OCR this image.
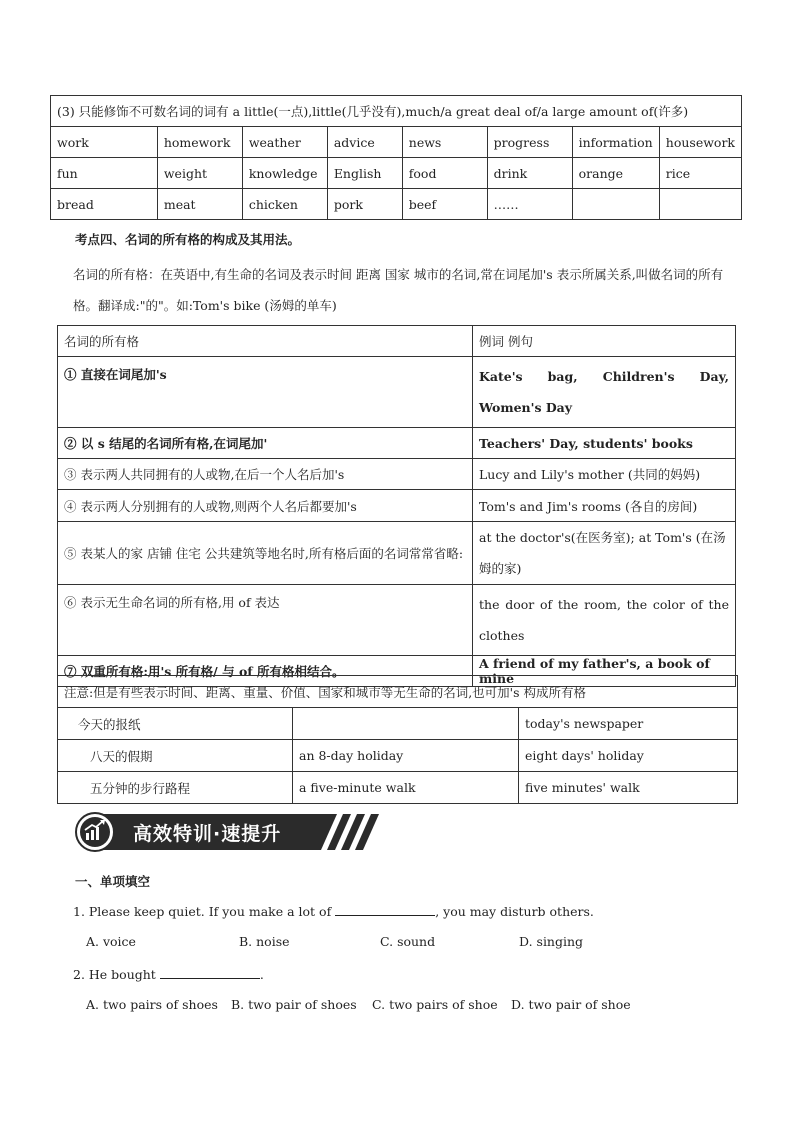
(3) 只能修饰不可数名词的词有 a little(一点),little(几乎没有),much/a great deal of/a large amount of(许多)							
work	homework	weather	advice	news	progress	information	housework
fun	weight	knowledge	English	food	drink	orange	rice
bread	meat	chicken	pork	beef	……		
考点四、名词的所有格的构成及其用法。
名词的所有格：在英语中,有生命的名词及表示时间 距离 国家 城市的名词,常在词尾加's 表示所属关系,叫做名词的所有格。翻译成:"的"。如:Tom's bike (汤姆的单车)
名词的所有格	例词 例句
① 直接在词尾加's	Kate's bag, Children's Day, Women's Day
② 以 s 结尾的名词所有格,在词尾加'	Teachers' Day, students' books
③ 表示两人共同拥有的人或物,在后一个人名后加's	Lucy and Lily's mother (共同的妈妈)
④ 表示两人分别拥有的人或物,则两个人名后都要加's	Tom's and Jim's rooms (各自的房间)
⑤ 表某人的家 店铺 住宅 公共建筑等地名时,所有格后面的名词常常省略:	at the doctor's(在医务室); at Tom's (在汤姆的家)
⑥ 表示无生命名词的所有格,用 of 表达	the door of the room, the color of the clothes
⑦ 双重所有格:用's 所有格/ 与 of 所有格相结合。	A friend of my father's, a book of mine
注意:但是有些表示时间、距离、重量、价值、国家和城市等无生命的名词,也可加's 构成所有格		
今天的报纸		today's newspaper
八天的假期	an 8-day holiday	eight days' holiday
五分钟的步行路程	a five-minute walk	five minutes' walk
高效特训·速提升
一、单项填空
1. Please keep quiet. If you make a lot of	, you may disturb others.
A. voice	B. noise	C. sound	D. singing
2. He bought	.
A. two pairs of shoes B. two pair of shoes C. two pairs of shoe D. two pair of shoe
